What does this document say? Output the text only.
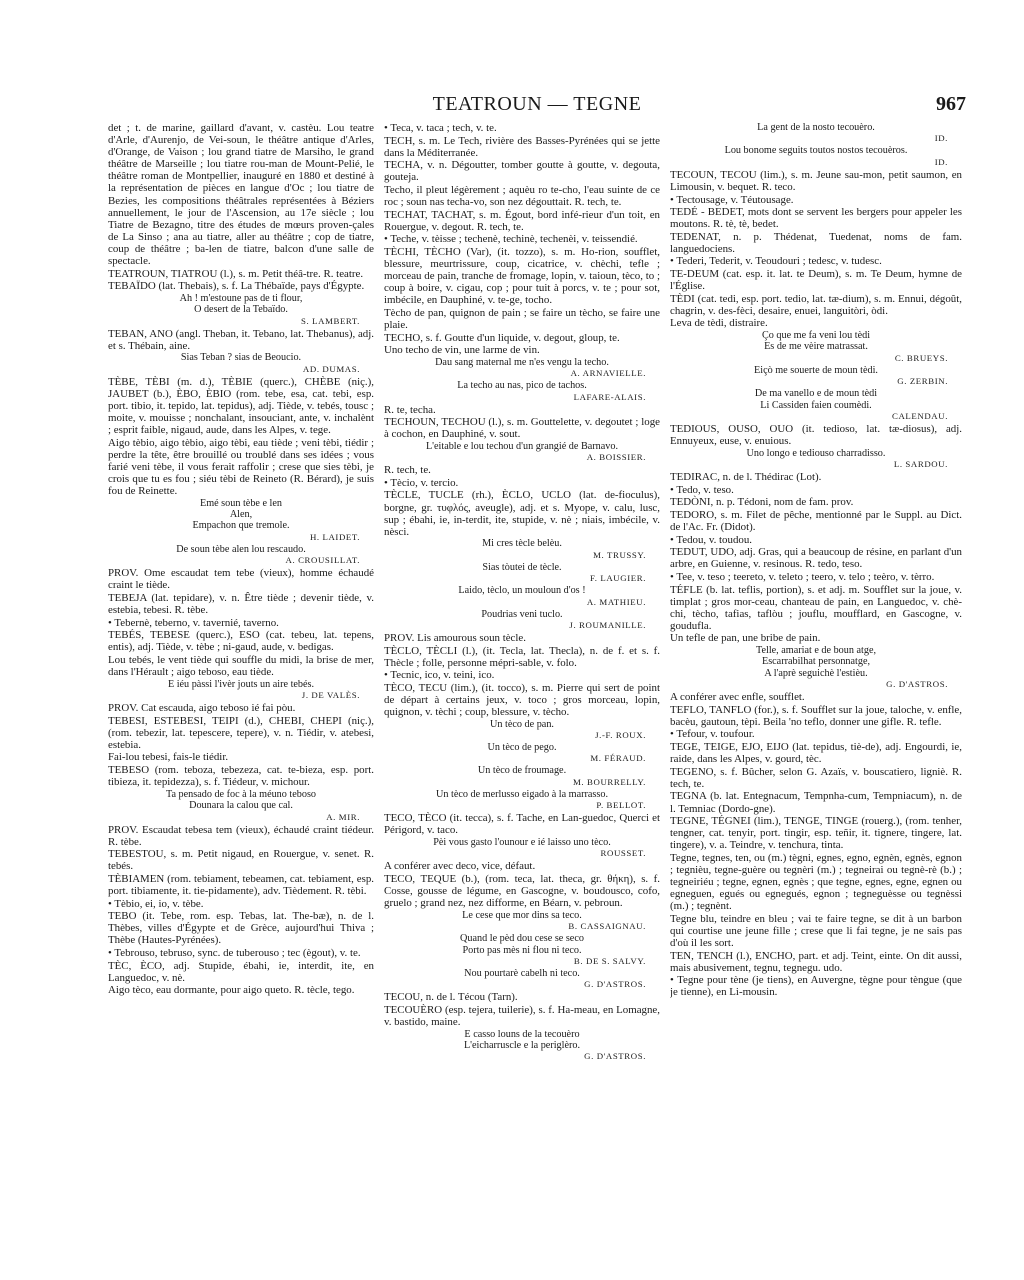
TEATROUN — TEGNE	967

det ; t. de marine, gaillard d'avant, v. castèu. Lou teatre d'Arle, d'Aurenjo, de Vei-soun, le théâtre antique d'Arles, d'Orange, de Vaison ; lou grand tiatre de Marsiho, le grand théâtre de Marseille ; lou tiatre rou-man de Mount-Pelié, le théâtre roman de Montpellier, inauguré en 1880 et destiné à la représentation de pièces en langue d'Oc ; lou tiatre de Bezies, les compositions théâtrales représentées à Béziers annuellement, le jour de l'Ascension, au 17e siècle ; lou Tiatre de Bezagno, titre des études de mœurs proven-çales de La Sinso ; ana au tiatre, aller au théâtre ; cop de tiatre, coup de théâtre ; ba-len de tiatre, balcon d'une salle de spectacle.

TEATROUN, TIATROU (l.), s. m. Petit théâ-tre. R. teatre.

TEBAÏDO (lat. Thebais), s. f. La Thébaïde, pays d'Égypte.

Ah ! m'estoune pas de ti flour,

O desert de la Tebaïdo.

S. LAMBERT.

TEBAN, ANO (angl. Theban, it. Tebano, lat. Thebanus), adj. et s. Thébain, aine.

Sias Teban ? sias de Beoucio.

AD. DUMAS.

TÈBE, TÈBI (m. d.), TÈBIE (querc.), CHÈBE (niç.), JAUBET (b.), ÈBO, ÈBIO (rom. tebe, esa, cat. tebi, esp. port. tibio, it. tepido, lat. tepidus), adj. Tiède, v. tebés, tousc ; moite, v. mouisse ; nonchalant, insouciant, ante, v. inchalènt ; esprit faible, nigaud, aude, dans les Alpes, v. tege.

Aigo tèbio, aigo tèbio, aigo tèbi, eau tiède ; veni tèbi, tiédir ; perdre la tête, être brouillé ou troublé dans ses idées ; vous farié veni tèbe, il vous ferait raffolir ; crese que sies tèbi, je crois que tu es fou ; siéu tèbi de Reineto (R. Bérard), je suis fou de Reinette.

Emé soun tèbe e len

Alen,

Empachon que tremole.

H. LAIDET.

De soun tèbe alen lou rescaudo.

A. CROUSILLAT.

PROV. Ome escaudat tem tebe (vieux), homme échaudé craint le tiède.

TEBEJA (lat. tepidare), v. n. Être tiède ; devenir tiède, v. estebia, tebesi. R. tèbe.

• Tebernè, teberno, v. tavernié, taverno.

TEBÉS, TEBESE (querc.), ESO (cat. tebeu, lat. tepens, entis), adj. Tiède, v. tèbe ; ni-gaud, aude, v. bedigas.

Lou tebés, le vent tiède qui souffle du midi, la brise de mer, dans l'Hérault ; aigo teboso, eau tiède.

E iéu pàssi l'ivèr jouts un aire tebés.

J. DE VALÈS.

PROV. Cat escauda, aigo teboso ié fai pòu.

TEBESI, ESTEBESI, TEIPI (d.), CHEBI, CHEPI (niç.), (rom. tebezir, lat. tepescere, tepere), v. n. Tiédir, v. atebesi, estebia.

Fai-lou tebesi, fais-le tiédir.

TEBESO (rom. teboza, tebezeza, cat. te-bieza, esp. port. tibieza, it. tepidezza), s. f. Tiédeur, v. michour.

Ta pensado de foc à la méuno teboso

Dounara la calou que cal.

A. MIR.

PROV. Escaudat tebesa tem (vieux), échaudé craint tiédeur. R. tèbe.

TEBESTOU, s. m. Petit nigaud, en Rouergue, v. senet. R. tebés.

TÈBIAMEN (rom. tebiament, tebeamen, cat. tebiament, esp. port. tibiamente, it. tie-pidamente), adv. Tièdement. R. tèbi.

• Tèbio, ei, io, v. tèbe.

TEBO (it. Tebe, rom. esp. Tebas, lat. The-bæ), n. de l. Thèbes, villes d'Égypte et de Grèce, aujourd'hui Thiva ; Thèbe (Hautes-Pyrénées).

• Tebrouso, tebruso, sync. de tuberouso ; tec (ègout), v. te.

TÈC, ÈCO, adj. Stupide, ébahi, ie, interdit, ite, en Languedoc, v. nè.

Aigo tèco, eau dormante, pour aigo queto. R. tècle, tego.

• Teca, v. taca ; tech, v. te.

TECH, s. m. Le Tech, rivière des Basses-Pyrénées qui se jette dans la Méditerranée.

TECHA, v. n. Dégoutter, tomber goutte à goutte, v. degouta, gouteja.

Techo, il pleut légèrement ; aquèu ro te-cho, l'eau suinte de ce roc ; soun nas techa-vo, son nez dégouttait. R. tech, te.

TECHAT, TACHAT, s. m. Égout, bord infé-rieur d'un toit, en Rouergue, v. degout. R. tech, te.

• Teche, v. tèisse ; techenè, techinè, techenèi, v. teissendié.

TÈCHI, TÈCHO (Var), (it. tozzo), s. m. Ho-rion, soufflet, blessure, meurtrissure, coup, cicatrice, v. chèchi, tefle ; morceau de pain, tranche de fromage, lopin, v. taioun, tèco, to ; coup à boire, v. cigau, cop ; pour tuit à porcs, v. te ; pour sot, imbécile, en Dauphiné, v. te-ge, tocho.

Tècho de pan, quignon de pain ; se faire un tècho, se faire une plaie.

TECHO, s. f. Goutte d'un liquide, v. degout, gloup, te.

Uno techo de vin, une larme de vin.

Dau sang maternal me n'es vengu la techo.

A. ARNAVIELLE.

La techo au nas, pico de tachos.

LAFARE-ALAIS.

R. te, techa.

TECHOUN, TECHOU (l.), s. m. Gouttelette, v. degoutet ; loge à cochon, en Dauphiné, v. sout.

L'eitable e lou techou d'un grangié de Barnavo.

A. BOISSIER.

R. tech, te.

• Tècio, v. tercio.

TÈCLE, TUCLE (rh.), ÈCLO, UCLO (lat. de-fioculus), borgne, gr. τυφλός, aveugle), adj. et s. Myope, v. calu, lusc, sup ; ébahi, ie, in-terdit, ite, stupide, v. nè ; niais, imbécile, v. nèsci.

Mi cres tècle belèu.

M. TRUSSY.

Sias tòutei de tècle.

F. LAUGIER.

Laido, tèclo, un mouloun d'os !

A. MATHIEU.

Poudrias veni tuclo.

J. ROUMANILLE.

PROV. Lis amourous soun tècle.

TÈCLO, TÈCLI (l.), (it. Tecla, lat. Thecla), n. de f. et s. f. Thècle ; folle, personne mépri-sable, v. folo.

• Tecnic, ico, v. teini, ico.

TÈCO, TECU (lim.), (it. tocco), s. m. Pierre qui sert de point de départ à certains jeux, v. toco ; gros morceau, lopin, quignon, v. tèchi ; coup, blessure, v. tècho.

Un tèco de pan.

J.-F. ROUX.

Un tèco de pego.

M. FÉRAUD.

Un tèco de froumage.

M. BOURRELLY.

Un tèco de merlusso eigado à la marrasso.

P. BELLOT.

TECO, TÈCO (it. tecca), s. f. Tache, en Lan-guedoc, Querci et Périgord, v. taco.

Pèi vous gasto l'ounour e ié laisso uno tèco.

ROUSSET.

A conférer avec deco, vice, défaut.

TECO, TEQUE (b.), (rom. teca, lat. theca, gr. θήκη), s. f. Cosse, gousse de légume, en Gascogne, v. boudousco, cofo, gruelo ; grand nez, nez difforme, en Béarn, v. pebroun.

Le cese que mor dins sa teco.

B. CASSAIGNAU.

Quand le pèd dou cese se seco

Porto pas mès ni flou ni teco.

B. DE S. SALVY.

Nou pourtarè cabelh ni teco.

G. D'ASTROS.

TECOU, n. de l. Técou (Tarn).

TECOUÈRO (esp. tejera, tuilerie), s. f. Ha-meau, en Lomagne, v. bastido, maine.

E casso louns de la tecouèro

L'eicharruscle e la periglèro.

G. D'ASTROS.

La gent de la nosto tecouèro.

ID.

Lou bonome seguits toutos nostos tecouèros.

ID.

TECOUN, TECOU (lim.), s. m. Jeune sau-mon, petit saumon, en Limousin, v. bequet. R. teco.

• Tectousage, v. Téutousage.

TEDÉ - BEDET, mots dont se servent les bergers pour appeler les moutons. R. tè, tè, bedet.

TEDENAT, n. p. Thédenat, Tuedenat, noms de fam. languedociens.

• Tederi, Tederit, v. Teoudouri ; tedesc, v. tudesc.

TE-DEUM (cat. esp. it. lat. te Deum), s. m. Te Deum, hymne de l'Église.

TÈDI (cat. tedi, esp. port. tedio, lat. tæ-dium), s. m. Ennui, dégoût, chagrin, v. des-fèci, desaire, enuei, languitòri, òdi.

Leva de tèdi, distraire.

Ço que me fa veni lou tèdi

Es de me vèire matrassat.

C. BRUEYS.

Eiçò me souerte de moun tèdi.

G. ZERBIN.

De ma vanello e de moun tèdi

Li Cassiden faien coumèdi.

CALENDAU.

TEDIOUS, OUSO, OUO (it. tedioso, lat. tæ-diosus), adj. Ennuyeux, euse, v. enuious.

Uno longo e tediouso charradisso.

L. SARDOU.

TEDIRAC, n. de l. Thédirac (Lot).

• Tedo, v. teso.

TEDÒNI, n. p. Tédoni, nom de fam. prov.

TEDORO, s. m. Filet de pêche, mentionné par le Suppl. au Dict. de l'Ac. Fr. (Didot).

• Tedou, v. toudou.

TEDUT, UDO, adj. Gras, qui a beaucoup de résine, en parlant d'un arbre, en Guienne, v. resinous. R. tedo, teso.

• Tee, v. teso ; teereto, v. teleto ; teero, v. telo ; teèro, v. tèrro.

TÉFLE (b. lat. teflis, portion), s. et adj. m. Soufflet sur la joue, v. timplat ; gros mor-ceau, chanteau de pain, en Languedoc, v. chè-chi, tècho, tafias, taflòu ; jouflu, moufflard, en Gascogne, v. goudufla.

Un tefle de pan, une bribe de pain.

Telle, amariat e de boun atge,

Escarrabilhat personnatge,

A l'aprè seguichè l'estièu.

G. D'ASTROS.

A conférer avec enfle, soufflet.

TEFLO, TANFLO (for.), s. f. Soufflet sur la joue, taloche, v. enfle, bacèu, gautoun, tèpi. Beila 'no teflo, donner une gifle. R. tefle.

• Tefour, v. toufour.

TEGE, TEIGE, EJO, EIJO (lat. tepidus, tiè-de), adj. Engourdi, ie, raide, dans les Alpes, v. gourd, tèc.

TEGENO, s. f. Bûcher, selon G. Azaïs, v. bouscatiero, ligniè. R. tech, te.

TEGNA (b. lat. Entegnacum, Tempnha-cum, Tempniacum), n. de l. Temniac (Dordo-gne).

TEGNE, TÉGNEI (lim.), TENGE, TINGE (rouerg.), (rom. tenher, tengner, cat. tenyir, port. tingir, esp. teñir, it. tignere, tingere, lat. tingere), v. a. Teindre, v. tenchura, tinta.

Tegne, tegnes, ten, ou (m.) tègni, egnes, egno, egnèn, egnès, egnon ; tegnièu, tegne-guère ou tegnèri (m.) ; tegneirai ou tegnè-rè (b.) ; tegneiriéu ; tegne, egnen, egnès ; que tegne, egnes, egne, egnen ou egneguen, egués ou egnegués, egnon ; tegneguèsse ou tegnèssi (m.) ; tegnènt.

Tegne blu, teindre en bleu ; vai te faire tegne, se dit à un barbon qui courtise une jeune fille ; crese que li fai tegne, je ne sais pas d'où il les sort.

TEN, TENCH (l.), ENCHO, part. et adj. Teint, einte. On dit aussi, mais abusivement, tegnu, tegnegu. udo.

• Tegne pour tène (je tiens), en Auvergne, tègne pour tèngue (que je tienne), en Li-mousin.
